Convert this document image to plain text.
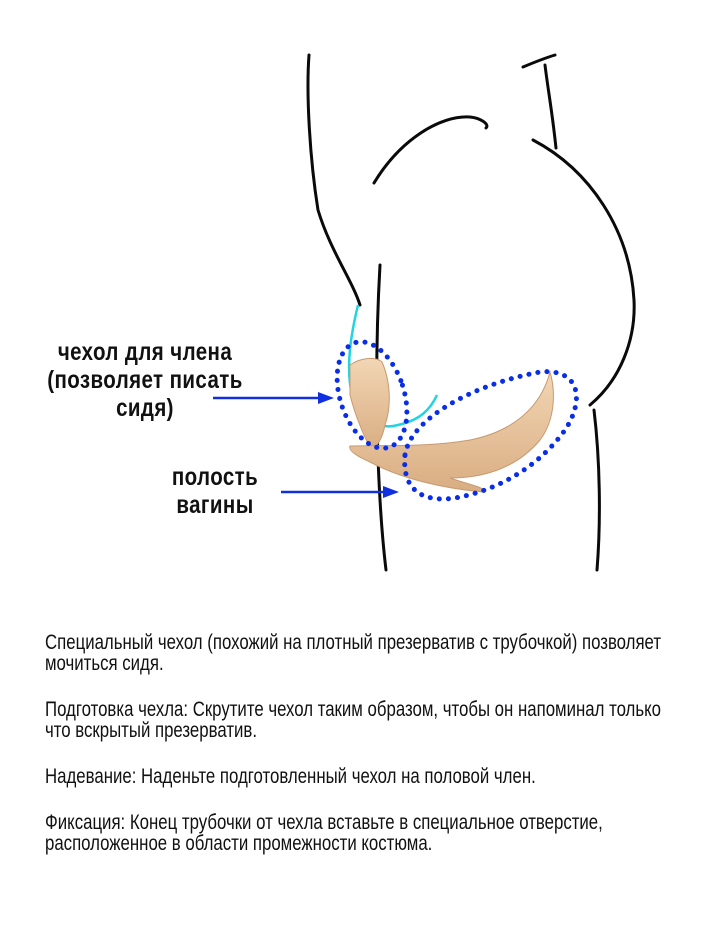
чехол для члена
(позволяет писать
сидя)
полость
вагины

Специальный чехол (похожий на плотный презерватив с трубочкой) позволяет мочиться сидя.

Подготовка чехла: Скрутите чехол таким образом, чтобы он напоминал только что вскрытый презерватив.

Надевание: Наденьте подготовленный чехол на половой член.

Фиксация: Конец трубочки от чехла вставьте в специальное отверстие, расположенное в области промежности костюма.
